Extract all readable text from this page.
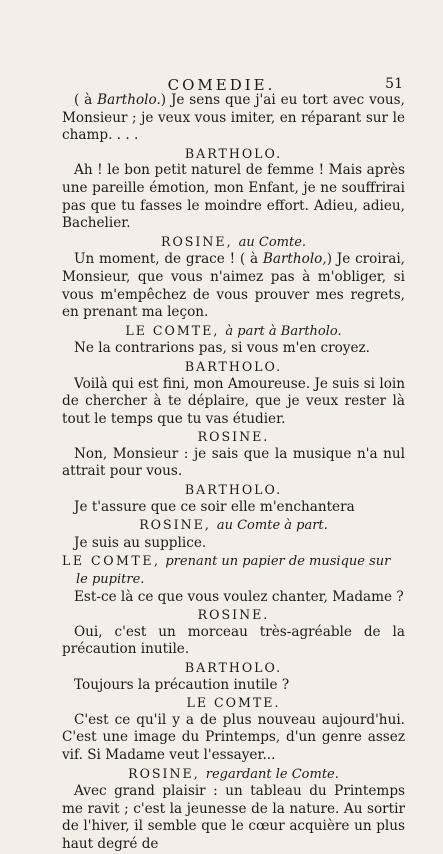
COMEDIE.	51

( à Bartholo.) Je sens que j'ai eu tort avec vous, Monsieur ; je veux vous imiter, en réparant sur le champ. . . .

BARTHOLO.

Ah ! le bon petit naturel de femme ! Mais après une pareille émotion, mon Enfant, je ne souffrirai pas que tu fasses le moindre effort. Adieu, adieu, Bachelier.

ROSINE, au Comte.

Un moment, de grace ! ( à Bartholo,) Je croirai, Monsieur, que vous n'aimez pas à m'obliger, si vous m'empêchez de vous prouver mes regrets, en prenant ma leçon.

LE COMTE, à part à Bartholo.

Ne la contrarions pas, si vous m'en croyez.

BARTHOLO.

Voilà qui est fini, mon Amoureuse. Je suis si loin de chercher à te déplaire, que je veux rester là tout le temps que tu vas étudier.

ROSINE.

Non, Monsieur : je sais que la musique n'a nul attrait pour vous.

BARTHOLO.

Je t'assure que ce soir elle m'enchantera

ROSINE, au Comte à part.

Je suis au supplice.

LE COMTE, prenant un papier de musique sur le pupitre.

Est-ce là ce que vous voulez chanter, Madame ?

ROSINE.

Oui, c'est un morceau très-agréable de la précaution inutile.

BARTHOLO.

Toujours la précaution inutile ?

LE COMTE.

C'est ce qu'il y a de plus nouveau aujourd'hui. C'est une image du Printemps, d'un genre assez vif. Si Madame veut l'essayer...

ROSINE, regardant le Comte.

Avec grand plaisir : un tableau du Printemps me ravit ; c'est la jeunesse de la nature. Au sortir de l'hiver, il semble que le cœur acquière un plus haut degré de
